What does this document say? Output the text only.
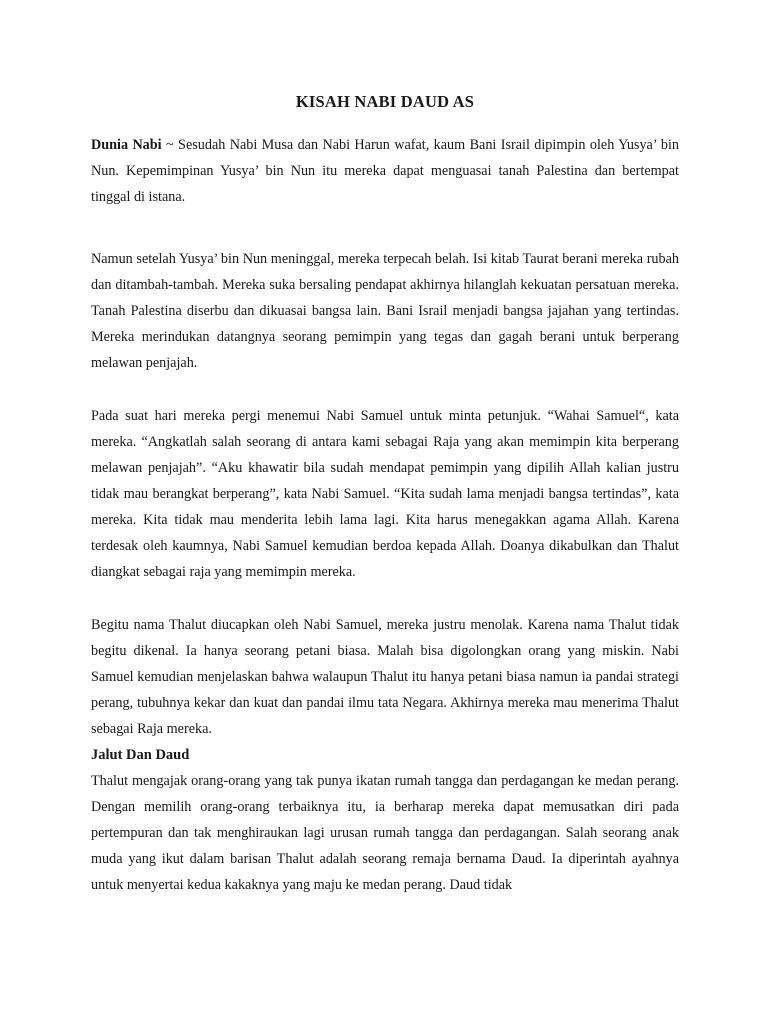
KISAH NABI DAUD AS

Dunia Nabi ~ Sesudah Nabi Musa dan Nabi Harun wafat, kaum Bani Israil dipimpin oleh Yusya’ bin Nun. Kepemimpinan Yusya’ bin Nun itu mereka dapat menguasai tanah Palestina dan bertempat tinggal di istana.

Namun setelah Yusya’ bin Nun meninggal, mereka terpecah belah. Isi kitab Taurat berani mereka rubah dan ditambah-tambah. Mereka suka bersaling pendapat akhirnya hilanglah kekuatan persatuan mereka. Tanah Palestina diserbu dan dikuasai bangsa lain. Bani Israil menjadi bangsa jajahan yang tertindas. Mereka merindukan datangnya seorang pemimpin yang tegas dan gagah berani untuk berperang melawan penjajah.

Pada suat hari mereka pergi menemui Nabi Samuel untuk minta petunjuk. “Wahai Samuel“, kata mereka. “Angkatlah salah seorang di antara kami sebagai Raja yang akan memimpin kita berperang melawan penjajah”. “Aku khawatir bila sudah mendapat pemimpin yang dipilih Allah kalian justru tidak mau berangkat berperang”, kata Nabi Samuel. “Kita sudah lama menjadi bangsa tertindas”, kata mereka. Kita tidak mau menderita lebih lama lagi. Kita harus menegakkan agama Allah. Karena terdesak oleh kaumnya, Nabi Samuel kemudian berdoa kepada Allah. Doanya dikabulkan dan Thalut diangkat sebagai raja yang memimpin mereka.

Begitu nama Thalut diucapkan oleh Nabi Samuel, mereka justru menolak. Karena nama Thalut tidak begitu dikenal. Ia hanya seorang petani biasa. Malah bisa digolongkan orang yang miskin. Nabi Samuel kemudian menjelaskan bahwa walaupun Thalut itu hanya petani biasa namun ia pandai strategi perang, tubuhnya kekar dan kuat dan pandai ilmu tata Negara. Akhirnya mereka mau menerima Thalut sebagai Raja mereka.

Jalut Dan Daud

Thalut mengajak orang-orang yang tak punya ikatan rumah tangga dan perdagangan ke medan perang. Dengan memilih orang-orang terbaiknya itu, ia berharap mereka dapat memusatkan diri pada pertempuran dan tak menghiraukan lagi urusan rumah tangga dan perdagangan. Salah seorang anak muda yang ikut dalam barisan Thalut adalah seorang remaja bernama Daud. Ia diperintah ayahnya untuk menyertai kedua kakaknya yang maju ke medan perang. Daud tidak
